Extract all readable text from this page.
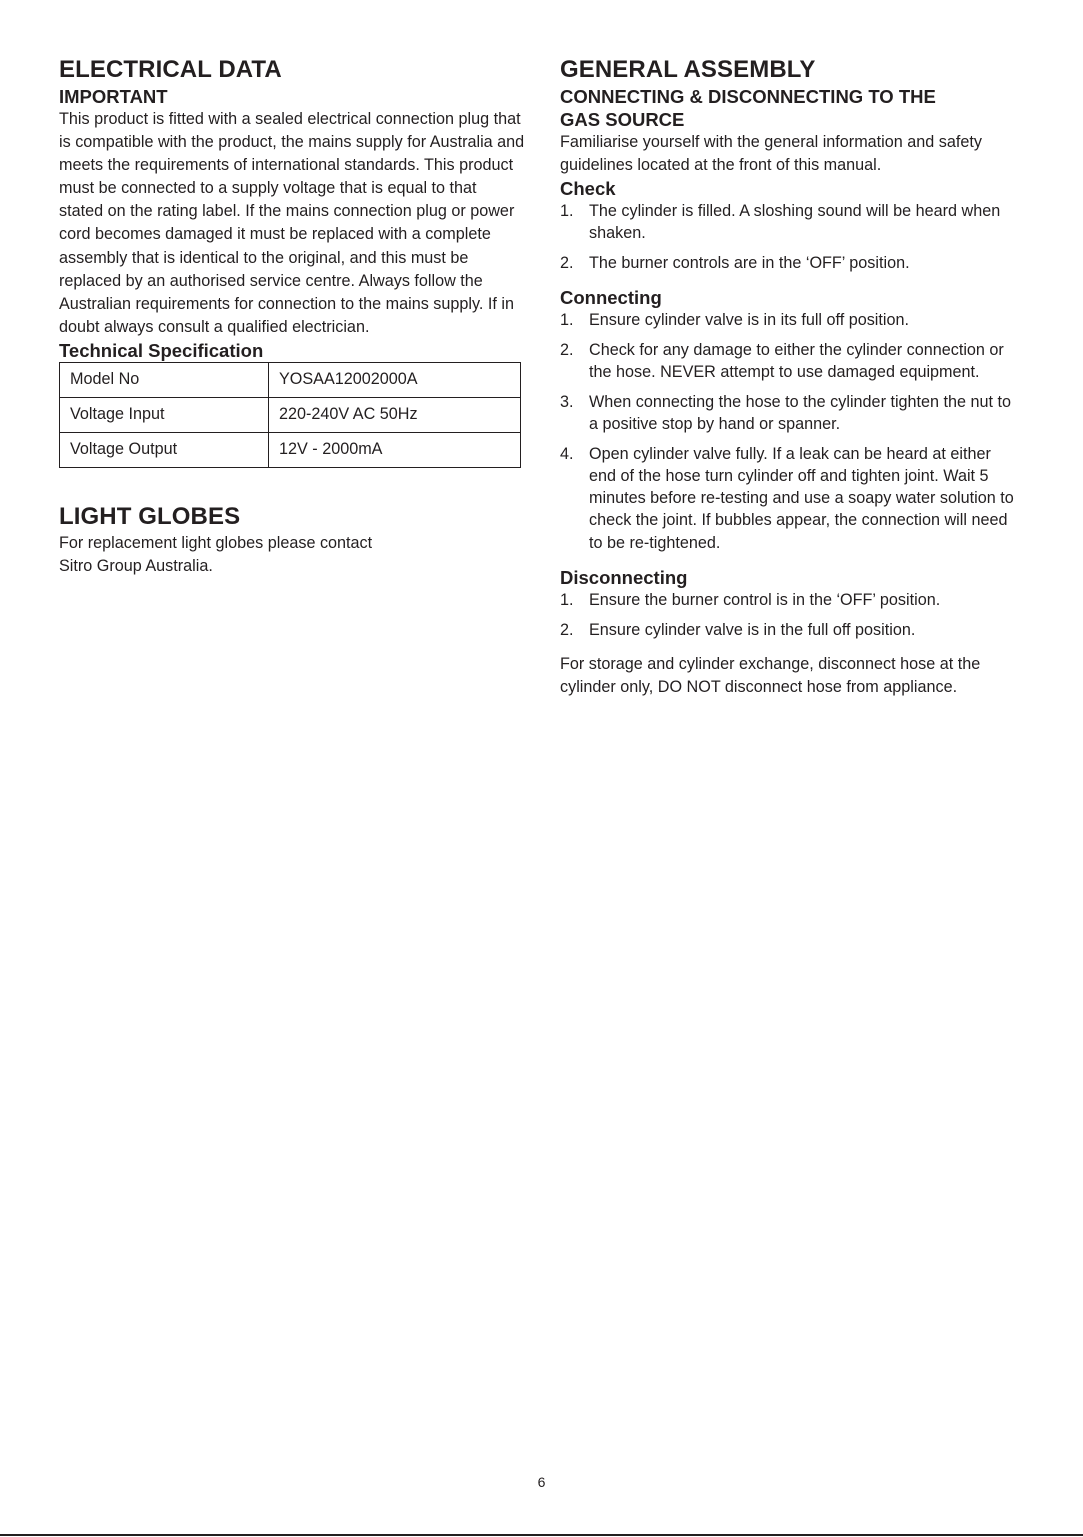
ELECTRICAL DATA
IMPORTANT

This product is fitted with a sealed electrical connection plug that is compatible with the product, the mains supply for Australia and meets the requirements of international standards. This product must be connected to a supply voltage that is equal to that stated on the rating label. If the mains connection plug or power cord becomes damaged it must be replaced with a complete assembly that is identical to the original, and this must be replaced by an authorised service centre. Always follow the Australian requirements for connection to the mains supply. If in doubt always consult a qualified electrician.

Technical Specification
Model No	YOSAA12002000A
Voltage Input	220-240V AC 50Hz
Voltage Output	12V - 2000mA
LIGHT GLOBES

For replacement light globes please contact

Sitro Group Australia.

GENERAL ASSEMBLY
CONNECTING & DISCONNECTING TO THE
GAS SOURCE

Familiarise yourself with the general information and safety guidelines located at the front of this manual.

Check
1. The cylinder is filled. A sloshing sound will be heard when shaken.
2. The burner controls are in the ‘OFF’ position.
Connecting
1. Ensure cylinder valve is in its full off position.
2. Check for any damage to either the cylinder connection or the hose. NEVER attempt to use damaged equipment.
3. When connecting the hose to the cylinder tighten the nut to a positive stop by hand or spanner.
4. Open cylinder valve fully. If a leak can be heard at either end of the hose turn cylinder off and tighten joint. Wait 5 minutes before re-testing and use a soapy water solution to check the joint. If bubbles appear, the connection will need to be re-tightened.
Disconnecting
1. Ensure the burner control is in the ‘OFF’ position.
2. Ensure cylinder valve is in the full off position.

For storage and cylinder exchange, disconnect hose at the cylinder only, DO NOT disconnect hose from appliance.

6
